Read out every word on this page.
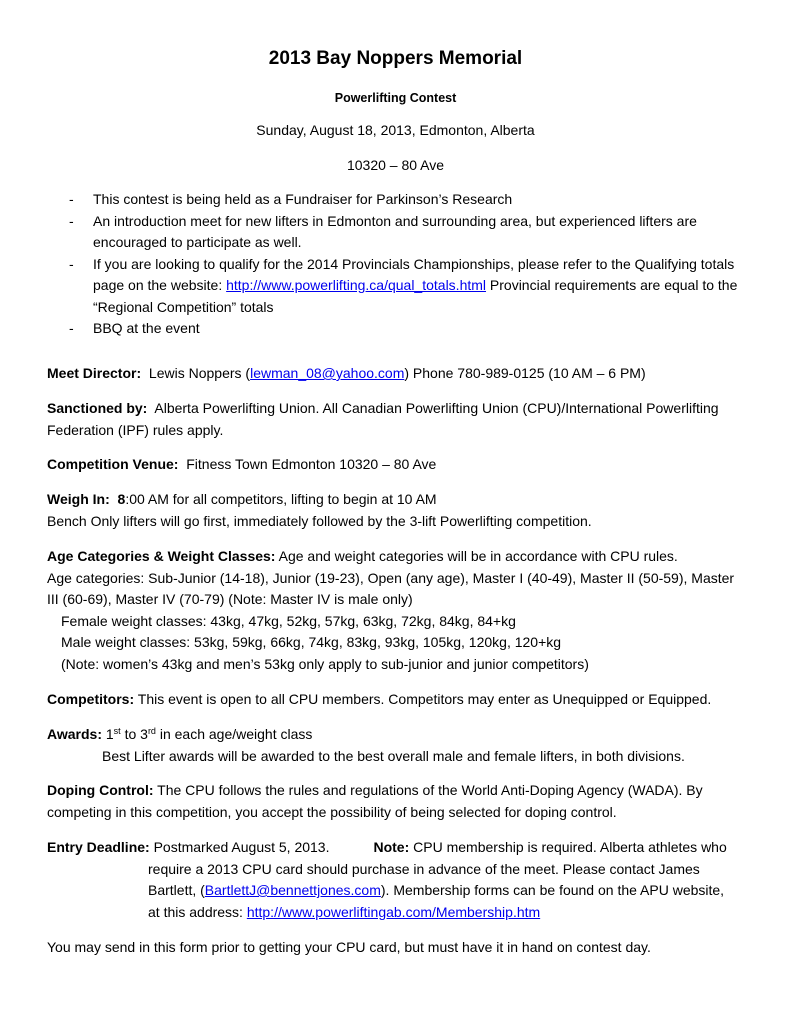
2013 Bay Noppers Memorial
Powerlifting Contest
Sunday, August 18, 2013, Edmonton, Alberta
10320 – 80 Ave
- This contest is being held as a Fundraiser for Parkinson’s Research
- An introduction meet for new lifters in Edmonton and surrounding area, but experienced lifters are encouraged to participate as well.
- If you are looking to qualify for the 2014 Provincials Championships, please refer to the Qualifying totals page on the website: http://www.powerlifting.ca/qual_totals.html Provincial requirements are equal to the “Regional Competition” totals
- BBQ at the event
Meet Director: Lewis Noppers (lewman_08@yahoo.com) Phone 780-989-0125 (10 AM – 6 PM)
Sanctioned by: Alberta Powerlifting Union. All Canadian Powerlifting Union (CPU)/International Powerlifting Federation (IPF) rules apply.
Competition Venue: Fitness Town Edmonton 10320 – 80 Ave
Weigh In: 8:00 AM for all competitors, lifting to begin at 10 AM
Bench Only lifters will go first, immediately followed by the 3-lift Powerlifting competition.
Age Categories & Weight Classes: Age and weight categories will be in accordance with CPU rules.
Age categories: Sub-Junior (14-18), Junior (19-23), Open (any age), Master I (40-49), Master II (50-59), Master III (60-69), Master IV (70-79) (Note: Master IV is male only)
Female weight classes: 43kg, 47kg, 52kg, 57kg, 63kg, 72kg, 84kg, 84+kg
Male weight classes: 53kg, 59kg, 66kg, 74kg, 83kg, 93kg, 105kg, 120kg, 120+kg
(Note: women’s 43kg and men’s 53kg only apply to sub-junior and junior competitors)
Competitors: This event is open to all CPU members. Competitors may enter as Unequipped or Equipped.
Awards: 1st to 3rd in each age/weight class
Best Lifter awards will be awarded to the best overall male and female lifters, in both divisions.
Doping Control: The CPU follows the rules and regulations of the World Anti-Doping Agency (WADA). By competing in this competition, you accept the possibility of being selected for doping control.
Entry Deadline: Postmarked August 5, 2013.	Note: CPU membership is required. Alberta athletes who
require a 2013 CPU card should purchase in advance of the meet. Please contact James
Bartlett, (BartlettJ@bennettjones.com). Membership forms can be found on the APU website,
at this address: http://www.powerliftingab.com/Membership.htm
You may send in this form prior to getting your CPU card, but must have it in hand on contest day.
